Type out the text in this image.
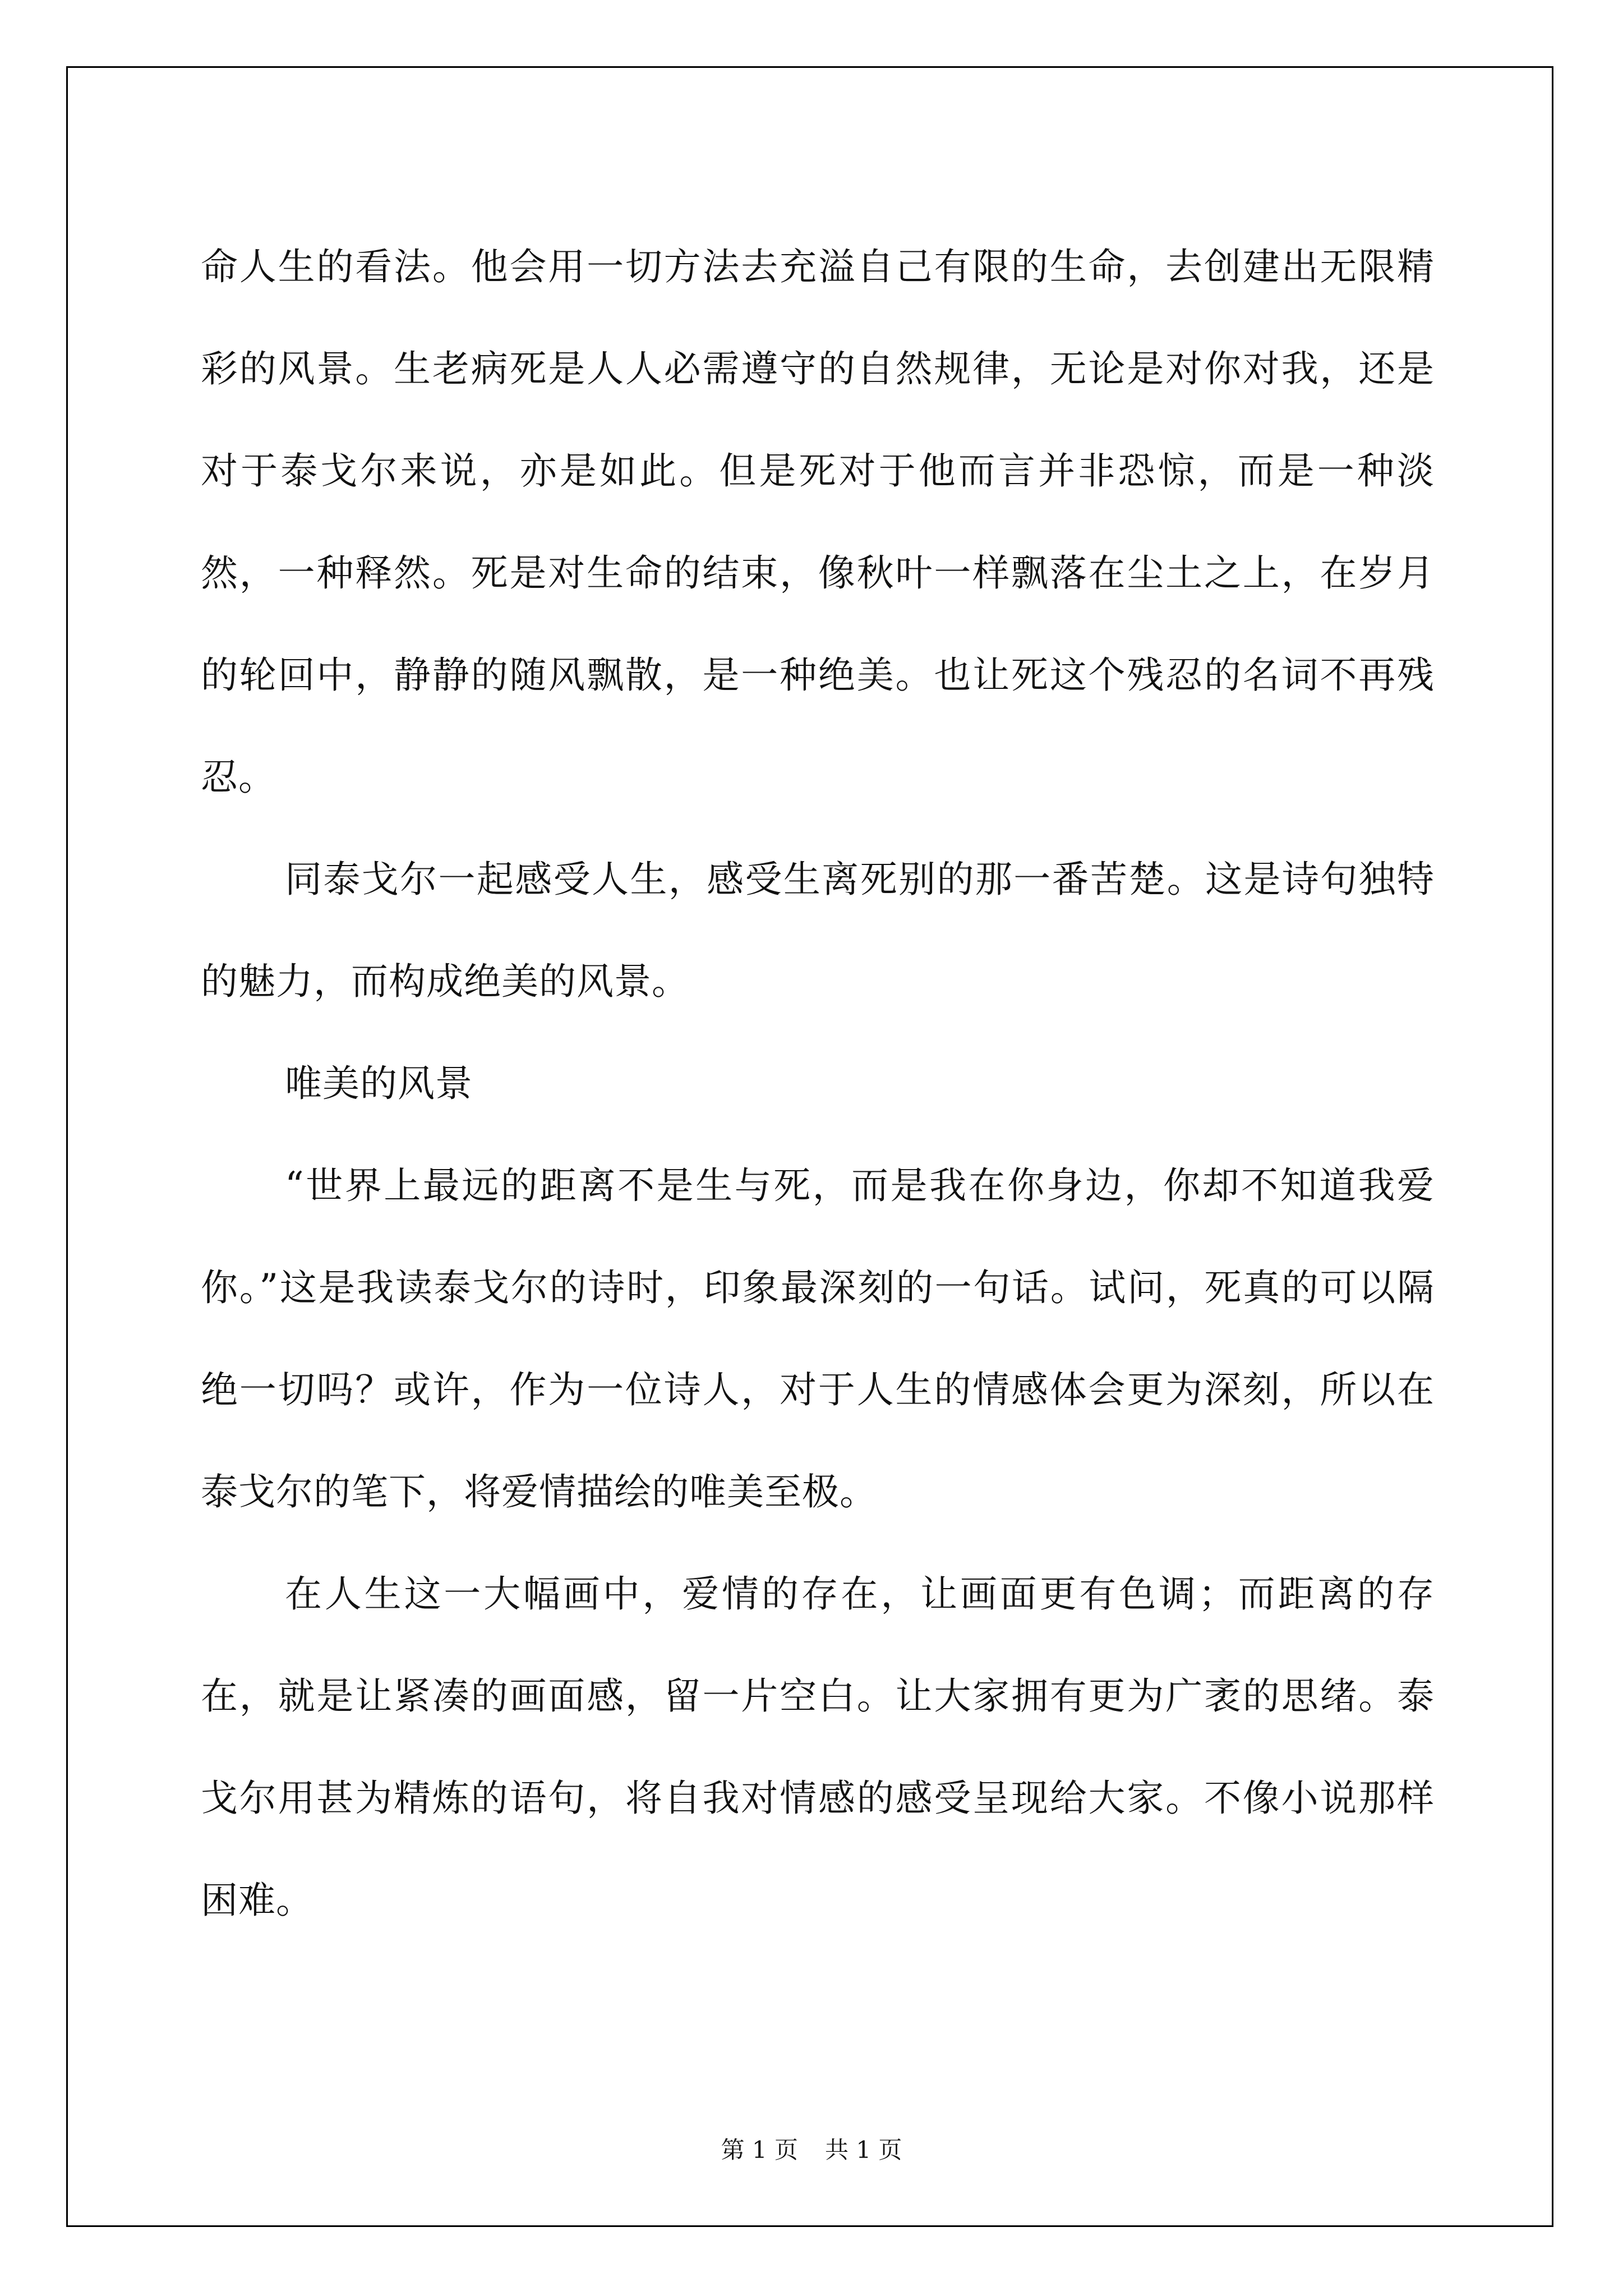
命人生的看法。他会用一切方法去充溢自己有限的生命，去创建出无限精彩的风景。生老病死是人人必需遵守的自然规律，无论是对你对我，还是对于泰戈尔来说，亦是如此。但是死对于他而言并非恐惊，而是一种淡然，一种释然。死是对生命的结束，像秋叶一样飘落在尘土之上，在岁月的轮回中，静静的随风飘散，是一种绝美。也让死这个残忍的名词不再残忍。

同泰戈尔一起感受人生，感受生离死别的那一番苦楚。这是诗句独特的魅力，而构成绝美的风景。

唯美的风景

“世界上最远的距离不是生与死，而是我在你身边，你却不知道我爱你。”这是我读泰戈尔的诗时，印象最深刻的一句话。试问，死真的可以隔绝一切吗？或许，作为一位诗人，对于人生的情感体会更为深刻，所以在泰戈尔的笔下，将爱情描绘的唯美至极。

在人生这一大幅画中，爱情的存在，让画面更有色调；而距离的存在，就是让紧凑的画面感，留一片空白。让大家拥有更为广袤的思绪。泰戈尔用甚为精炼的语句，将自我对情感的感受呈现给大家。不像小说那样困难。

第 1 页 共 1 页
